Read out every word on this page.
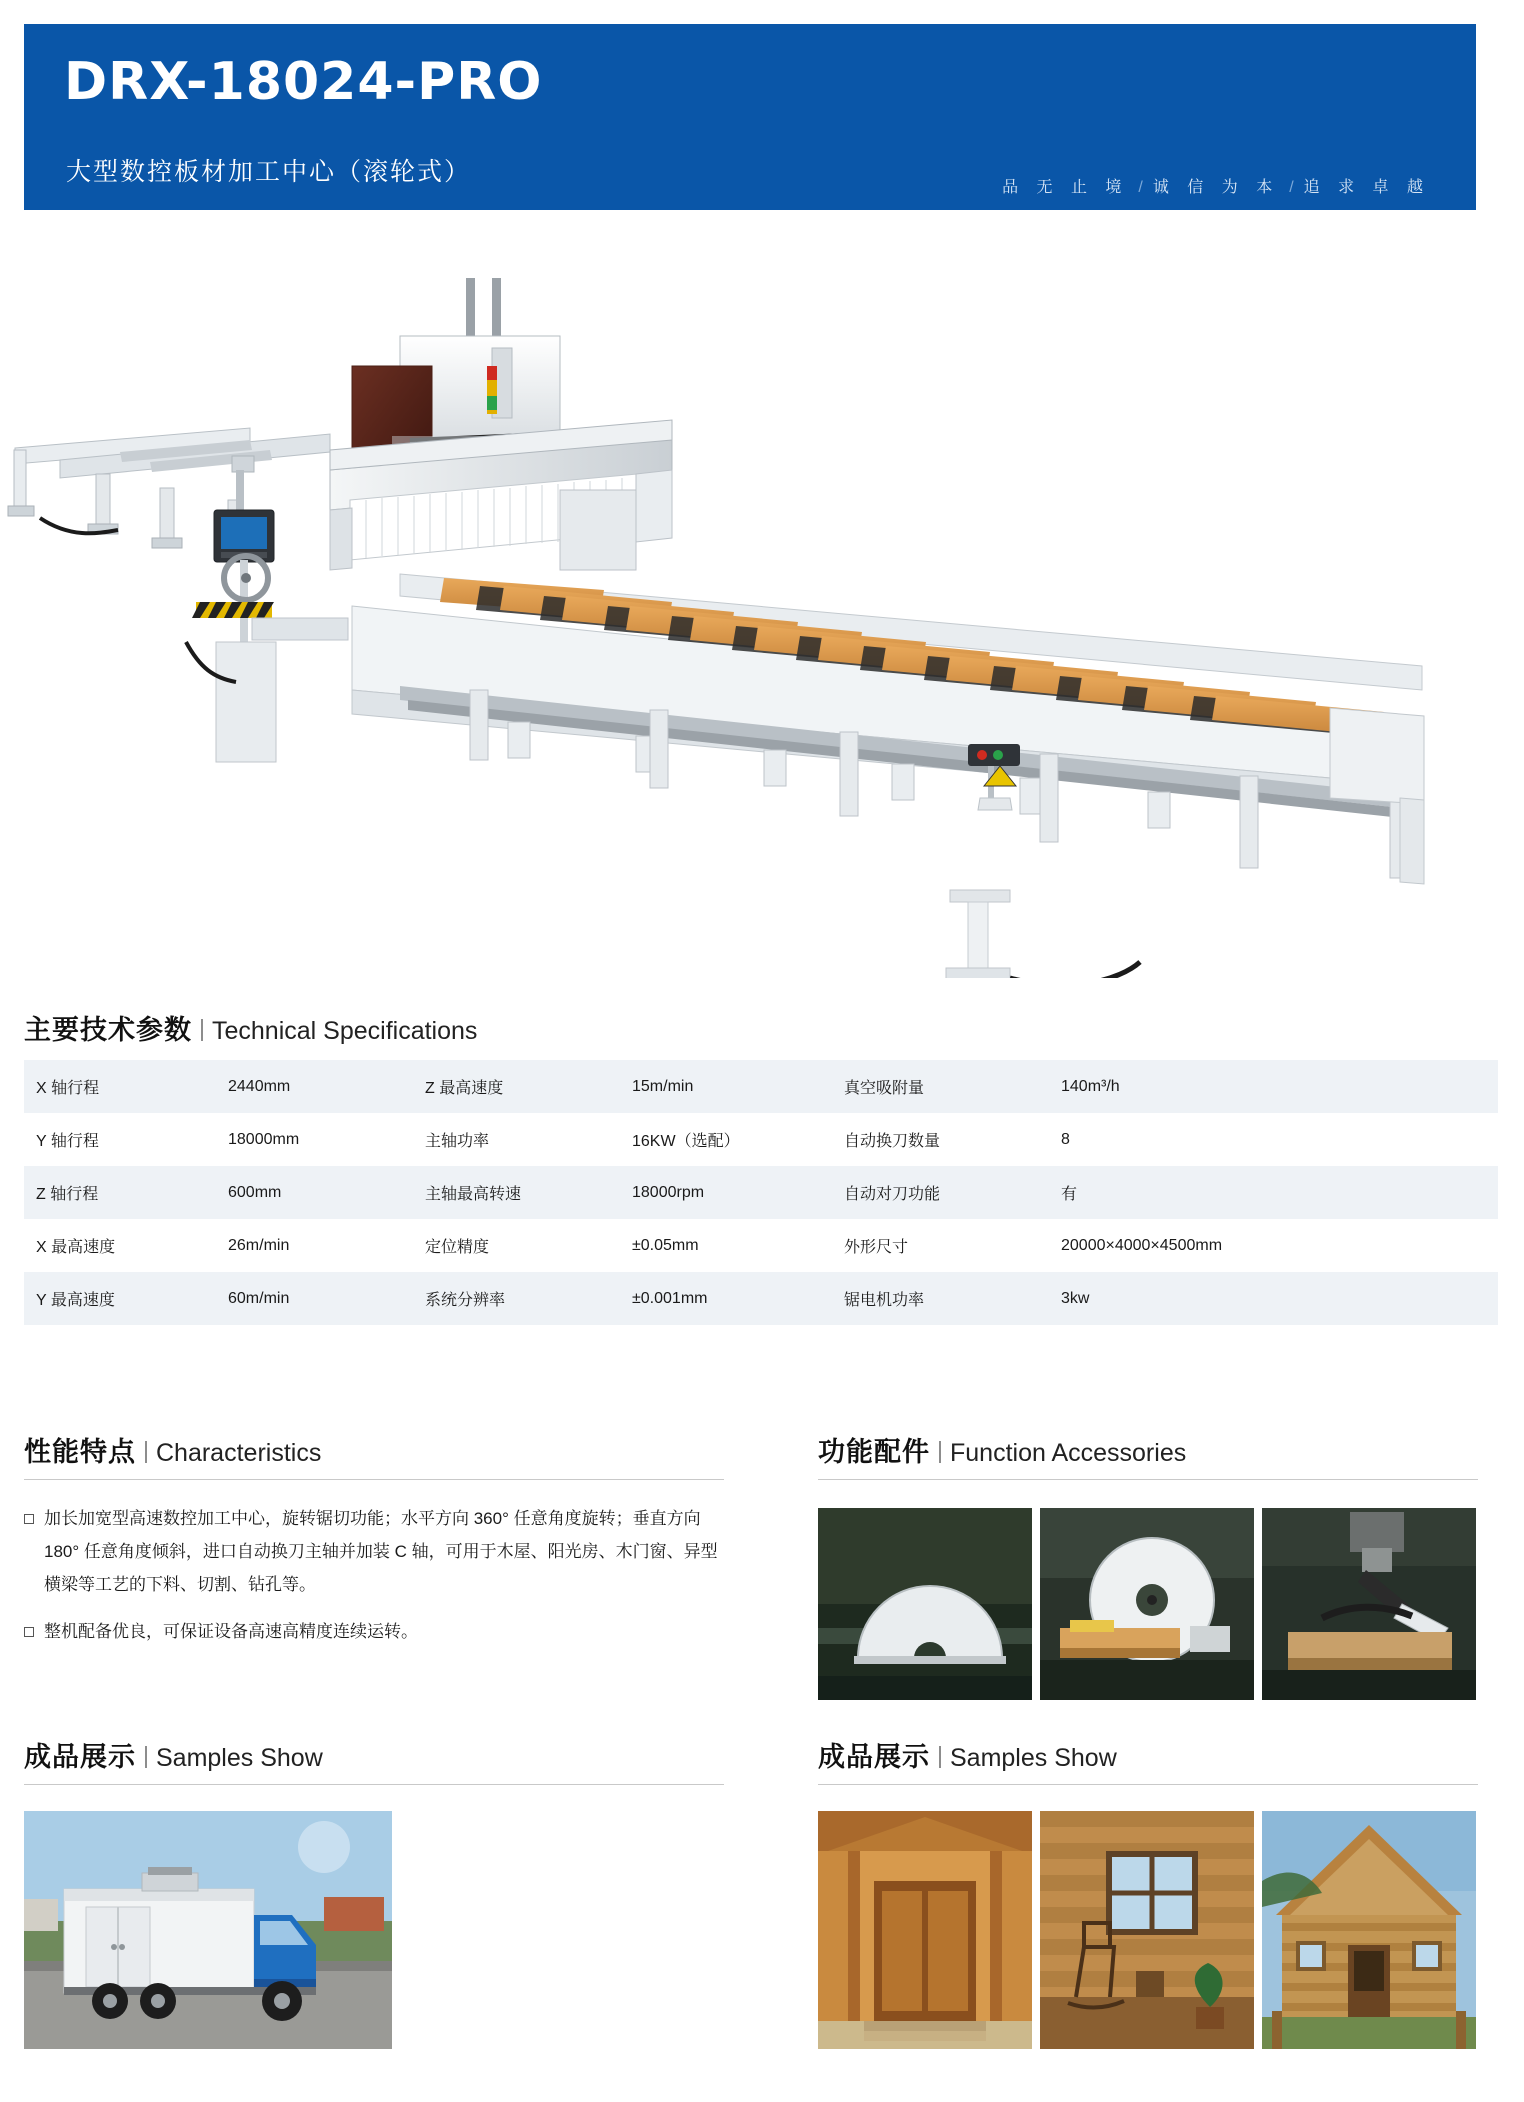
DRX-18024-PRO
大型数控板材加工中心（滚轮式）
品 无 止 境 / 诚 信 为 本 / 追 求 卓 越
主要技术参数 Technical Specifications
X 轴行程	2440mm	Z 最高速度	15m/min	真空吸附量	140m³/h
Y 轴行程	18000mm	主轴功率	16KW（选配）	自动换刀数量	8
Z 轴行程	600mm	主轴最高转速	18000rpm	自动对刀功能	有
X 最高速度	26m/min	定位精度	±0.05mm	外形尺寸	20000×4000×4500mm
Y 最高速度	60m/min	系统分辨率	±0.001mm	锯电机功率	3kw
性能特点 Characteristics
加长加宽型高速数控加工中心，旋转锯切功能；水平方向 360° 任意角度旋转；垂直方向 180° 任意角度倾斜，进口自动换刀主轴并加装 C 轴，可用于木屋、阳光房、木门窗、异型横梁等工艺的下料、切割、钻孔等。
整机配备优良，可保证设备高速高精度连续运转。
功能配件 Function Accessories
成品展示 Samples Show	成品展示 Samples Show
